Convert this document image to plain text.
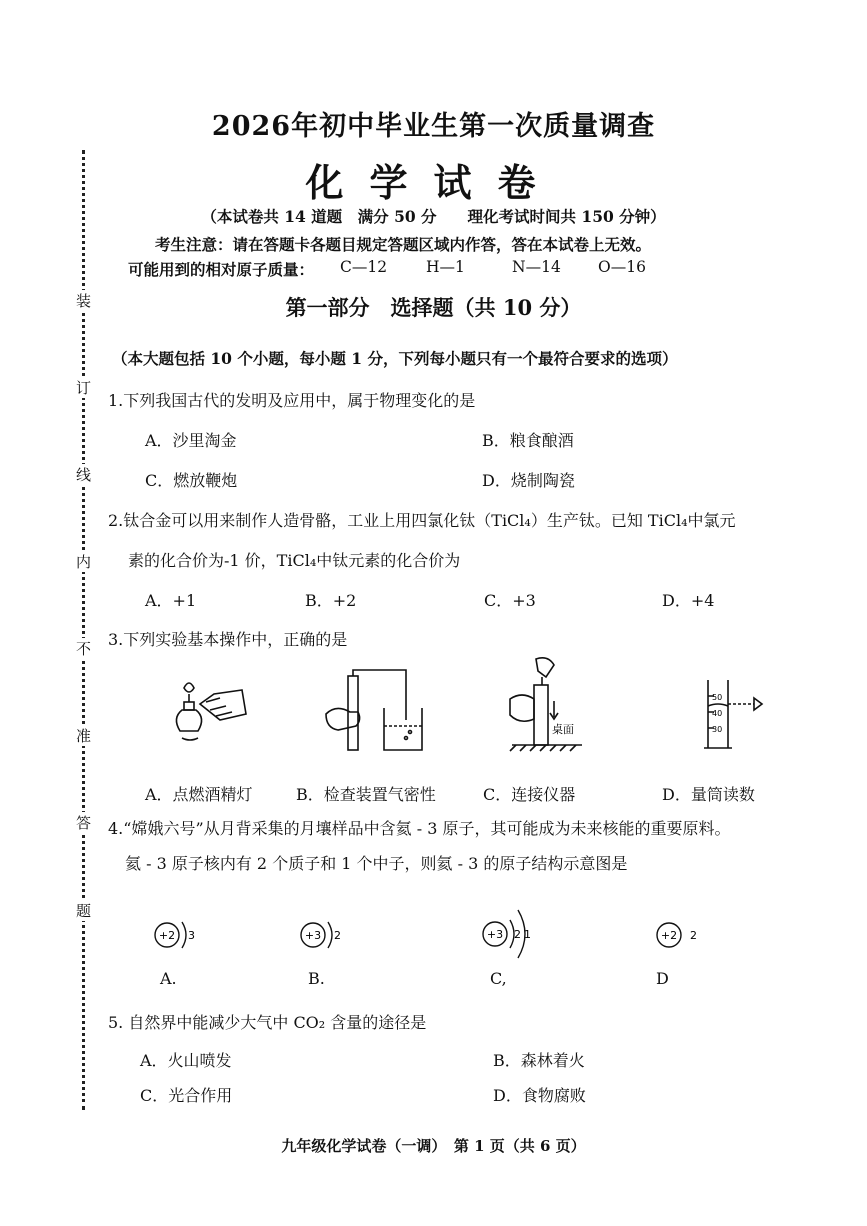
装
订
线
内
不
准
答
题
2026年初中毕业生第一次质量调查
化学试卷
（本试卷共 14 道题　满分 50 分　　理化考试时间共 150 分钟）
考生注意：请在答题卡各题目规定答题区域内作答，答在本试卷上无效。
可能用到的相对原子质量： C—12	H—1	N—14	O—16
第一部分　选择题（共 10 分）
（本大题包括 10 个小题，每小题 1 分，下列每小题只有一个最符合要求的选项）
1.下列我国古代的发明及应用中，属于物理变化的是
A．沙里淘金	B．粮食酿酒
C．燃放鞭炮	D．烧制陶瓷
2.钛合金可以用来制作人造骨骼，工业上用四氯化钛（TiCl₄）生产钛。已知 TiCl₄中氯元
素的化合价为-1 价，TiCl₄中钛元素的化合价为
A．+1	B．+2	C．+3	D．+4
3.下列实验基本操作中，正确的是
桌面
50
40
30
A．点燃酒精灯	B．检查装置气密性	C．连接仪器	D．量筒读数
4.“嫦娥六号”从月背采集的月壤样品中含氦 - 3 原子，其可能成为未来核能的重要原料。
氦 - 3 原子核内有 2 个质子和 1 个中子，则氦 - 3 的原子结构示意图是
+2 3	+3 2	+3 2 1	+2 2
A.	B.	C,	D
5. 自然界中能减少大气中 CO₂ 含量的途径是
A．火山喷发	B．森林着火
C．光合作用	D．食物腐败
九年级化学试卷（一调）　第 1 页（共 6 页）
